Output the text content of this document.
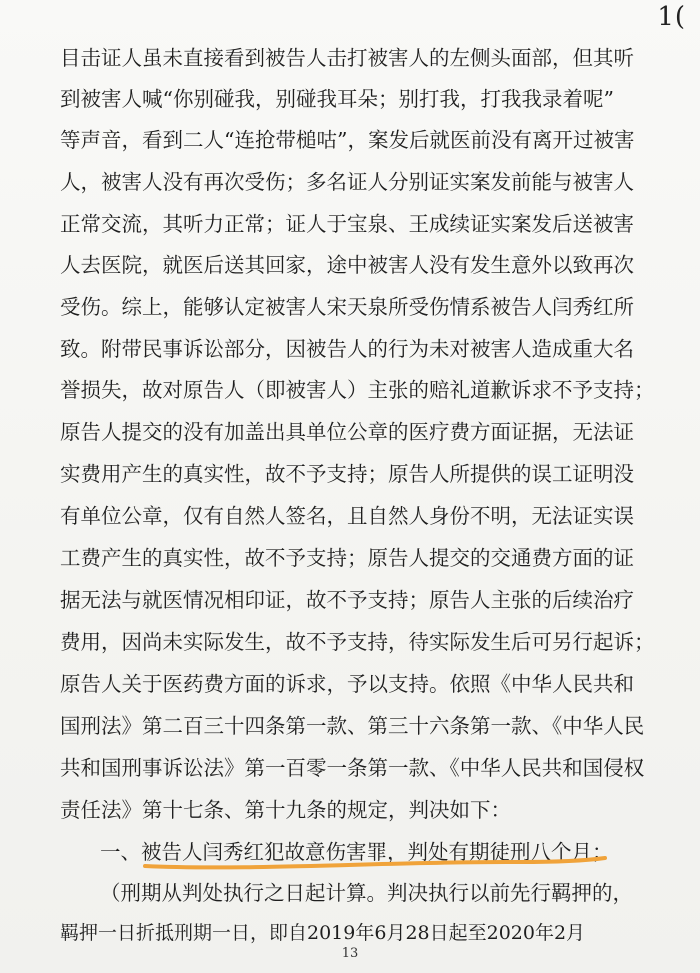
1(
目击证人虽未直接看到被告人击打被害人的左侧头面部，但其听
到被害人喊“你别碰我，别碰我耳朵；别打我，打我我录着呢”
等声音，看到二人“连抢带槌咕”，案发后就医前没有离开过被害
人，被害人没有再次受伤；多名证人分别证实案发前能与被害人
正常交流，其听力正常；证人于宝泉、王成续证实案发后送被害
人去医院，就医后送其回家，途中被害人没有发生意外以致再次
受伤。综上，能够认定被害人宋天泉所受伤情系被告人闫秀红所
致。附带民事诉讼部分，因被告人的行为未对被害人造成重大名
誉损失，故对原告人（即被害人）主张的赔礼道歉诉求不予支持；
原告人提交的没有加盖出具单位公章的医疗费方面证据，无法证
实费用产生的真实性，故不予支持；原告人所提供的误工证明没
有单位公章，仅有自然人签名，且自然人身份不明，无法证实误
工费产生的真实性，故不予支持；原告人提交的交通费方面的证
据无法与就医情况相印证，故不予支持；原告人主张的后续治疗
费用，因尚未实际发生，故不予支持，待实际发生后可另行起诉；
原告人关于医药费方面的诉求，予以支持。依照《中华人民共和
国刑法》第二百三十四条第一款、第三十六条第一款、《中华人民
共和国刑事诉讼法》第一百零一条第一款、《中华人民共和国侵权
责任法》第十七条、第十九条的规定，判决如下：
一、被告人闫秀红犯故意伤害罪，判处有期徒刑八个月；
（刑期从判处执行之日起计算。判决执行以前先行羁押的，
羁押一日折抵刑期一日，即自2019年6月28日起至2020年2月
13
